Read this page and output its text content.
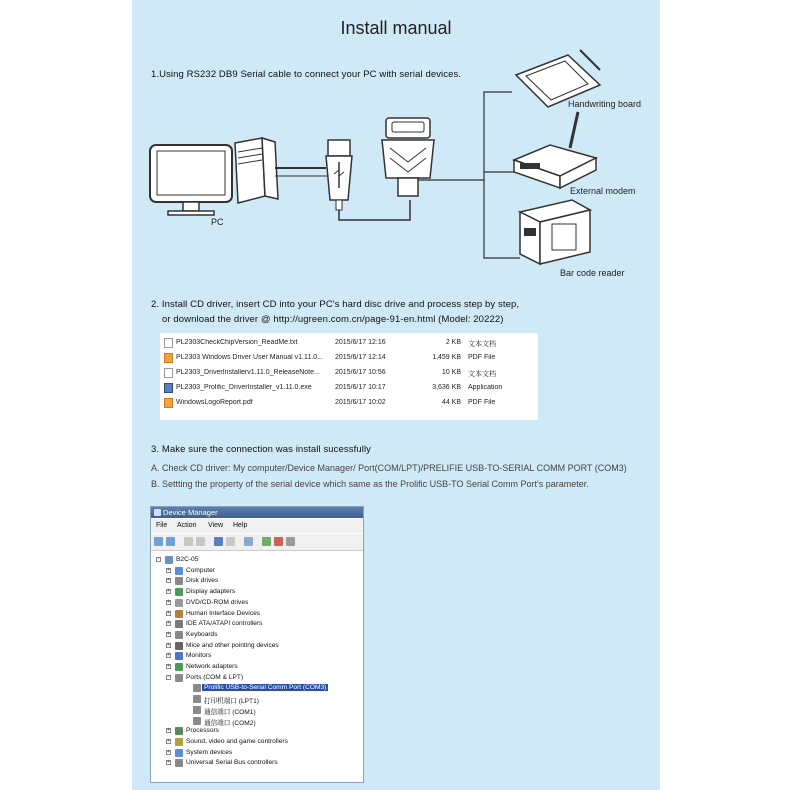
Install manual
1.Using RS232 DB9 Serial cable to connect your PC with serial devices.
PC
Handwriting board
External modem
Bar code reader
2. Install CD driver, insert CD into your PC's hard disc drive and process step by step,
or download the driver @ http://ugreen.com.cn/page-91-en.html (Model: 20222)
PL2303CheckChipVersion_ReadMe.txt	2015/6/17 12:16	2 KB 文本文档
PL2303 Windows Driver User Manual v1.11.0...	2015/6/17 12:14	1,459 KB PDF File
PL2303_DriverInstallerv1.11.0_ReleaseNote...	2015/6/17 10:56	10 KB 文本文档
PL2303_Prolific_DriverInstaller_v1.11.0.exe	2015/6/17 10:17	3,636 KB Application
WindowsLogoReport.pdf	2015/6/17 10:02	44 KB PDF File
3. Make sure the connection was install sucessfully
A. Check CD driver: My computer/Device Manager/ Port(COM/LPT)/PRELIFIE USB-TO-SERIAL COMM PORT (COM3)
B. Settting the property of the serial device which same as the Prolific USB-TO Serial Comm Port's parameter.
Device Manager
File Action View Help
-	B2C-05
+ Computer
+ Disk drives
+ Display adapters
+ DVD/CD-ROM drives
+ Human Interface Devices
+ IDE ATA/ATAPI controllers
+ Keyboards
+ Mice and other pointing devices
+ Monitors
+ Network adapters
-	Ports (COM & LPT)
Prolific USB-to-Serial Comm Port (COM3)
打印机端口 (LPT1)
通信端口 (COM1)
通信端口 (COM2)
+ Processors
+ Sound, video and game controllers
+ System devices
+ Universal Serial Bus controllers
